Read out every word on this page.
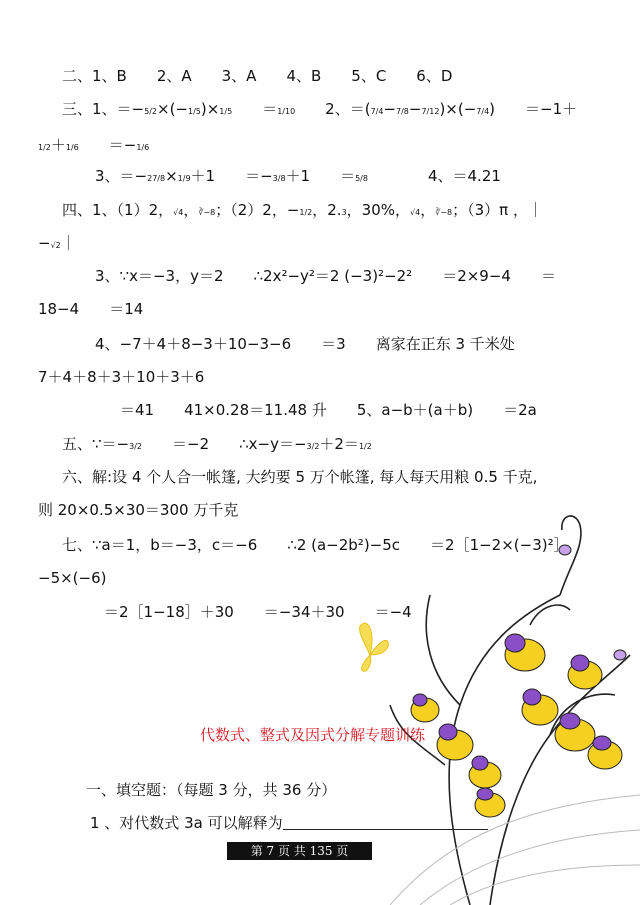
二、1、B　　2、A　　3、A　　4、B　　5、C　　6、D
三、1、＝−5/2×(−1/5)×1/5　　＝1/10　　2、＝(7/4−7/8−7/12)×(−7/4)　　＝−1＋
1/2＋1/6　　＝−1/6
3、＝−27/8×1/9＋1　　＝−3/8＋1　　＝5/8　　　　4、＝4.21
四、1、（1）2，√4，∛−8；（2）2，−1/2，2.3，30%，√4，∛−8；（3）π ，｜
−√2｜
3、∵x＝−3，y＝2　　∴2x²−y²＝2 (−3)²−2²　　＝2×9−4　　＝
18−4　　＝14
4、−7＋4＋8−3＋10−3−6　　＝3　　离家在正东 3 千米处
7＋4＋8＋3＋10＋3＋6
＝41　　41×0.28＝11.48 升　　5、a−b＋(a＋b)　　＝2a
五、∵＝−3/2　　＝−2　　∴x−y＝−3/2＋2＝1/2
六、解:设 4 个人合一帐篷, 大约要 5 万个帐篷, 每人每天用粮 0.5 千克,
则 20×0.5×30＝300 万千克
七、∵a＝1，b＝−3，c＝−6　　∴2 (a−2b²)−5c　　＝2［1−2×(−3)²］
−5×(−6)
＝2［1−18］＋30　　＝−34＋30　　＝−4
代数式、整式及因式分解专题训练
一、填空题：（每题 3 分，共 36 分）
1 、对代数式 3a 可以解释为
第 7 页 共 135 页
